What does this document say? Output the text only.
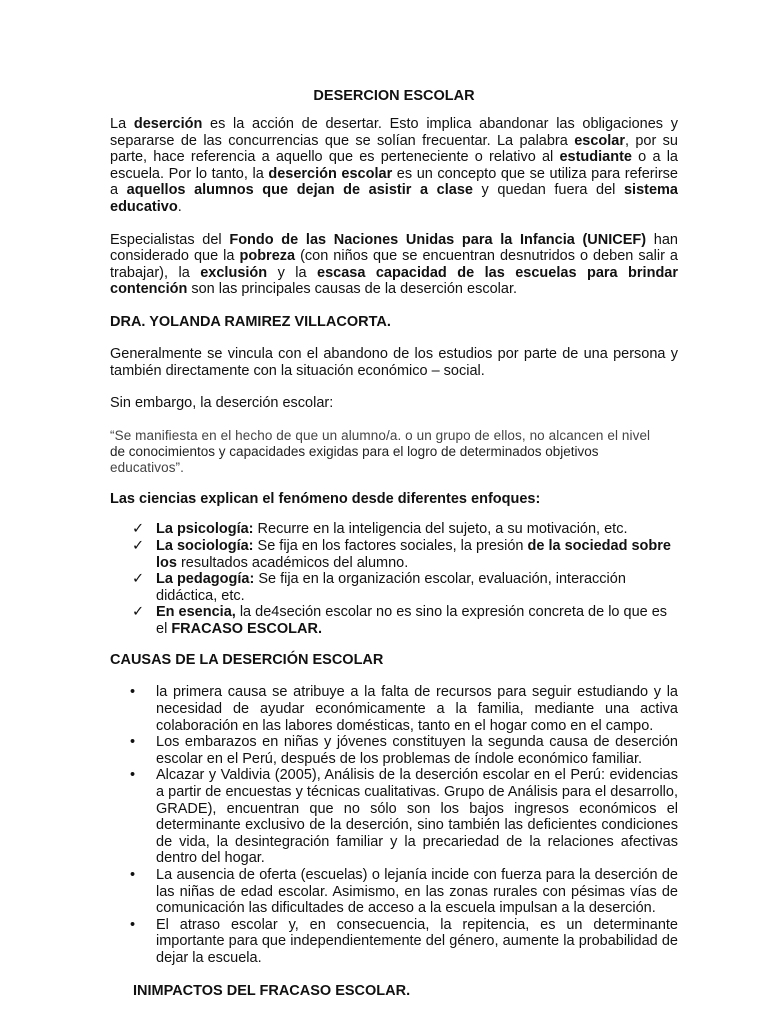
DESERCION ESCOLAR

La deserción es la acción de desertar. Esto implica abandonar las obligaciones y separarse de las concurrencias que se solían frecuentar. La palabra escolar, por su parte, hace referencia a aquello que es perteneciente o relativo al estudiante o a la escuela. Por lo tanto, la deserción escolar es un concepto que se utiliza para referirse a aquellos alumnos que dejan de asistir a clase y quedan fuera del sistema educativo.

Especialistas del Fondo de las Naciones Unidas para la Infancia (UNICEF) han considerado que la pobreza (con niños que se encuentran desnutridos o deben salir a trabajar), la exclusión y la escasa capacidad de las escuelas para brindar contención son las principales causas de la deserción escolar.

DRA. YOLANDA RAMIREZ VILLACORTA.

Generalmente se vincula con el abandono de los estudios por parte de una persona y también directamente con la situación económico – social.

Sin embargo, la deserción escolar:

“Se manifiesta en el hecho de que un alumno/a. o un grupo de ellos, no alcancen el nivel
de conocimientos y capacidades exigidas para el logro de determinados objetivos
educativos”.
Las ciencias explican el fenómeno desde diferentes enfoques:
✓ La psicología: Recurre en la inteligencia del sujeto, a su motivación, etc.
✓ La sociología: Se fija en los factores sociales, la presión de la sociedad sobre los resultados académicos del alumno.
✓ La pedagogía: Se fija en la organización escolar, evaluación, interacción didáctica, etc.
✓ En esencia, la de4seción escolar no es sino la expresión concreta de lo que es el FRACASO ESCOLAR.
CAUSAS DE LA DESERCIÓN ESCOLAR
• la primera causa se atribuye a la falta de recursos para seguir estudiando y la necesidad de ayudar económicamente a la familia, mediante una activa colaboración en las labores domésticas, tanto en el hogar como en el campo.
• Los embarazos en niñas y jóvenes constituyen la segunda causa de deserción escolar en el Perú, después de los problemas de índole económico familiar.
• Alcazar y Valdivia (2005), Análisis de la deserción escolar en el Perú: evidencias a partir de encuestas y técnicas cualitativas. Grupo de Análisis para el desarrollo, GRADE), encuentran que no sólo son los bajos ingresos económicos el determinante exclusivo de la deserción, sino también las deficientes condiciones de vida, la desintegración familiar y la precariedad de la relaciones afectivas dentro del hogar.
• La ausencia de oferta (escuelas) o lejanía incide con fuerza para la deserción de las niñas de edad escolar. Asimismo, en las zonas rurales con pésimas vías de comunicación las dificultades de acceso a la escuela impulsan a la deserción.
• El atraso escolar y, en consecuencia, la repitencia, es un determinante importante para que independientemente del género, aumente la probabilidad de dejar la escuela.
INIMPACTOS DEL FRACASO ESCOLAR.
